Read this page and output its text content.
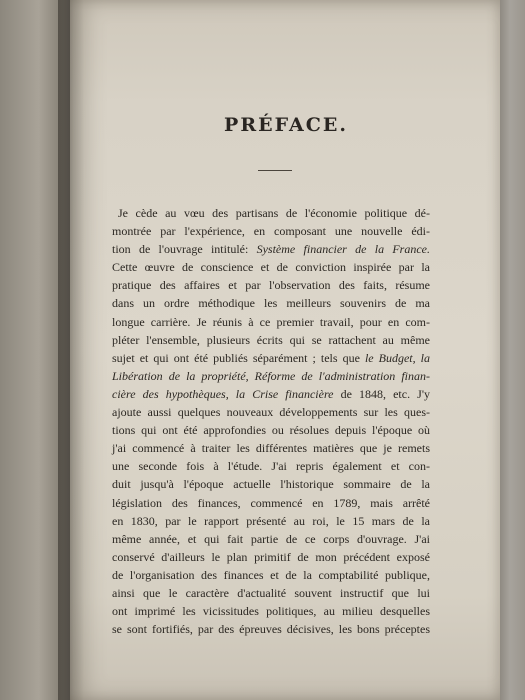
PRÉFACE.
Je cède au vœu des partisans de l'économie politique dé-
montrée par l'expérience, en composant une nouvelle édi-
tion de l'ouvrage intitulé: Système financier de la France.
Cette œuvre de conscience et de conviction inspirée par la
pratique des affaires et par l'observation des faits, résume
dans un ordre méthodique les meilleurs souvenirs de ma
longue carrière. Je réunis à ce premier travail, pour en com-
pléter l'ensemble, plusieurs écrits qui se rattachent au même
sujet et qui ont été publiés séparément ; tels que le Budget, la
Libération de la propriété, Réforme de l'administration finan-
cière des hypothèques, la Crise financière de 1848, etc. J'y
ajoute aussi quelques nouveaux développements sur les ques-
tions qui ont été approfondies ou résolues depuis l'époque où
j'ai commencé à traiter les différentes matières que je remets
une seconde fois à l'étude. J'ai repris également et con-
duit jusqu'à l'époque actuelle l'historique sommaire de la
législation des finances, commencé en 1789, mais arrêté
en 1830, par le rapport présenté au roi, le 15 mars de la
même année, et qui fait partie de ce corps d'ouvrage. J'ai
conservé d'ailleurs le plan primitif de mon précédent exposé
de l'organisation des finances et de la comptabilité publique,
ainsi que le caractère d'actualité souvent instructif que lui
ont imprimé les vicissitudes politiques, au milieu desquelles
se sont fortifiés, par des épreuves décisives, les bons préceptes
